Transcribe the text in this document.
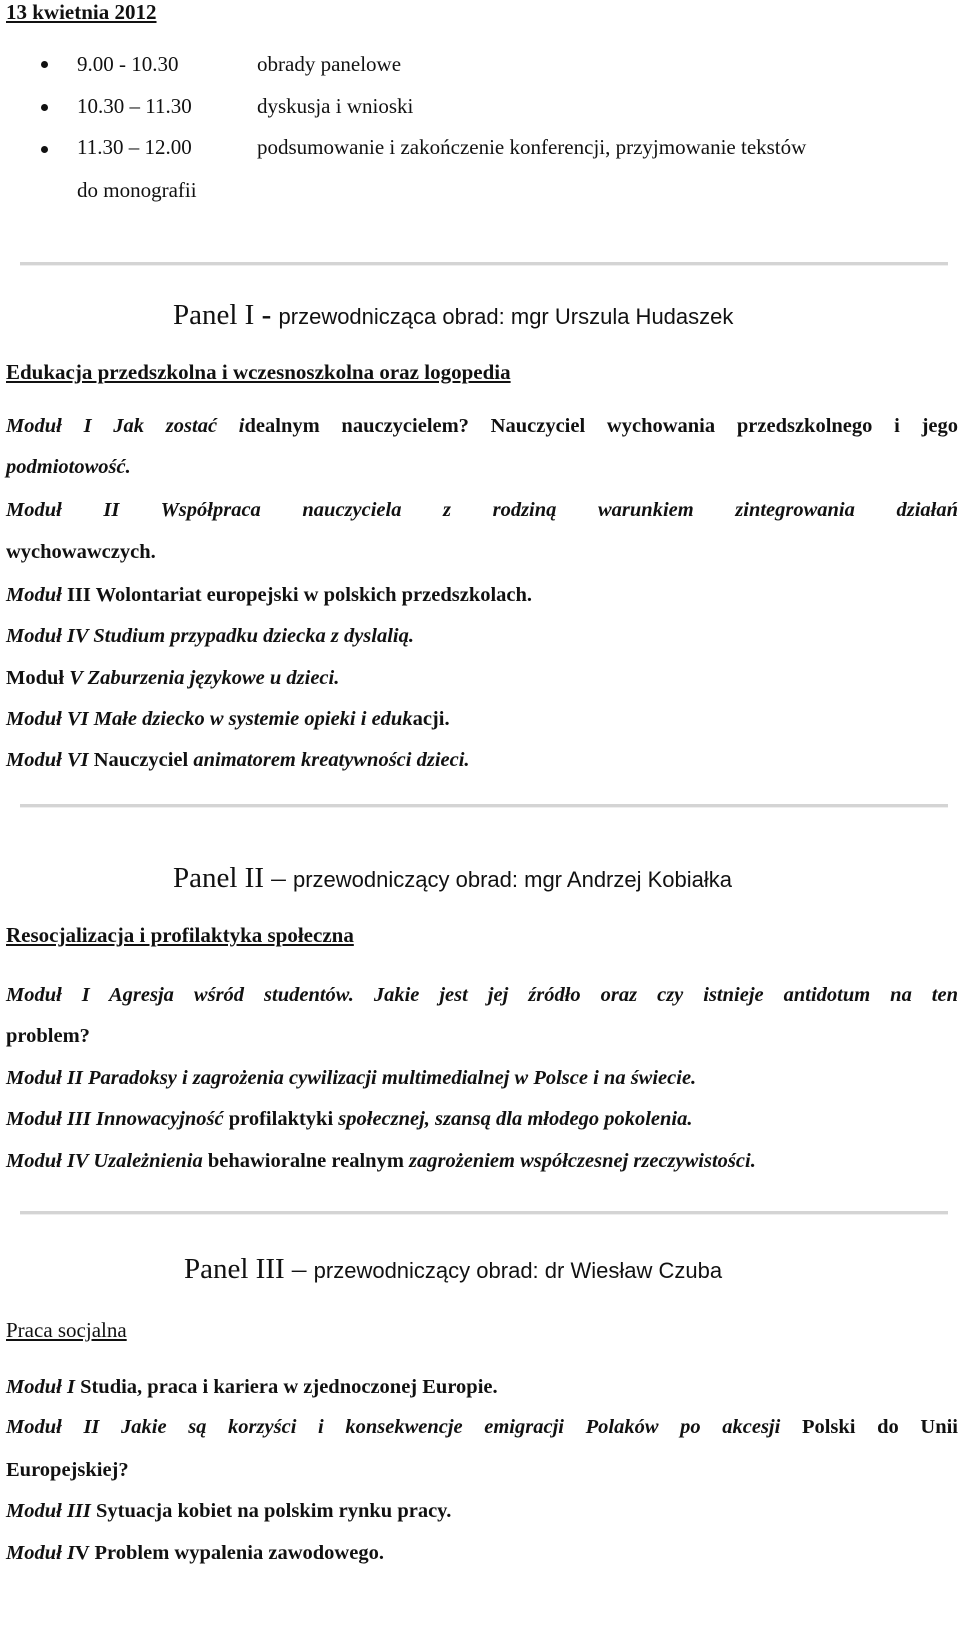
13 kwietnia 2012
9.00 - 10.30	obrady panelowe
10.30 – 11.30	dyskusja i wnioski
11.30 – 12.00	podsumowanie i zakończenie konferencji, przyjmowanie tekstów
do monografii
Panel I - przewodnicząca obrad: mgr Urszula Hudaszek
Edukacja przedszkolna i wczesnoszkolna oraz logopedia
Moduł I Jak zostać idealnym nauczycielem? Nauczyciel wychowania przedszkolnego i jego
podmiotowość.
Moduł II Współpraca nauczyciela z rodziną warunkiem zintegrowania działań
wychowawczych.
Moduł III Wolontariat europejski w polskich przedszkolach.
Moduł IV Studium przypadku dziecka z dyslalią.
Moduł V Zaburzenia językowe u dzieci.
Moduł VI Małe dziecko w systemie opieki i edukacji.
Moduł VI Nauczyciel animatorem kreatywności dzieci.
Panel II – przewodniczący obrad: mgr Andrzej Kobiałka
Resocjalizacja i profilaktyka społeczna
Moduł I Agresja wśród studentów. Jakie jest jej źródło oraz czy istnieje antidotum na ten
problem?
Moduł II Paradoksy i zagrożenia cywilizacji multimedialnej w Polsce i na świecie.
Moduł III Innowacyjność profilaktyki społecznej, szansą dla młodego pokolenia.
Moduł IV Uzależnienia behawioralne realnym zagrożeniem współczesnej rzeczywistości.
Panel III – przewodniczący obrad: dr Wiesław Czuba
Praca socjalna
Moduł I Studia, praca i kariera w zjednoczonej Europie.
Moduł II Jakie są korzyści i konsekwencje emigracji Polaków po akcesji Polski do Unii
Europejskiej?
Moduł III Sytuacja kobiet na polskim rynku pracy.
Moduł IV Problem wypalenia zawodowego.
